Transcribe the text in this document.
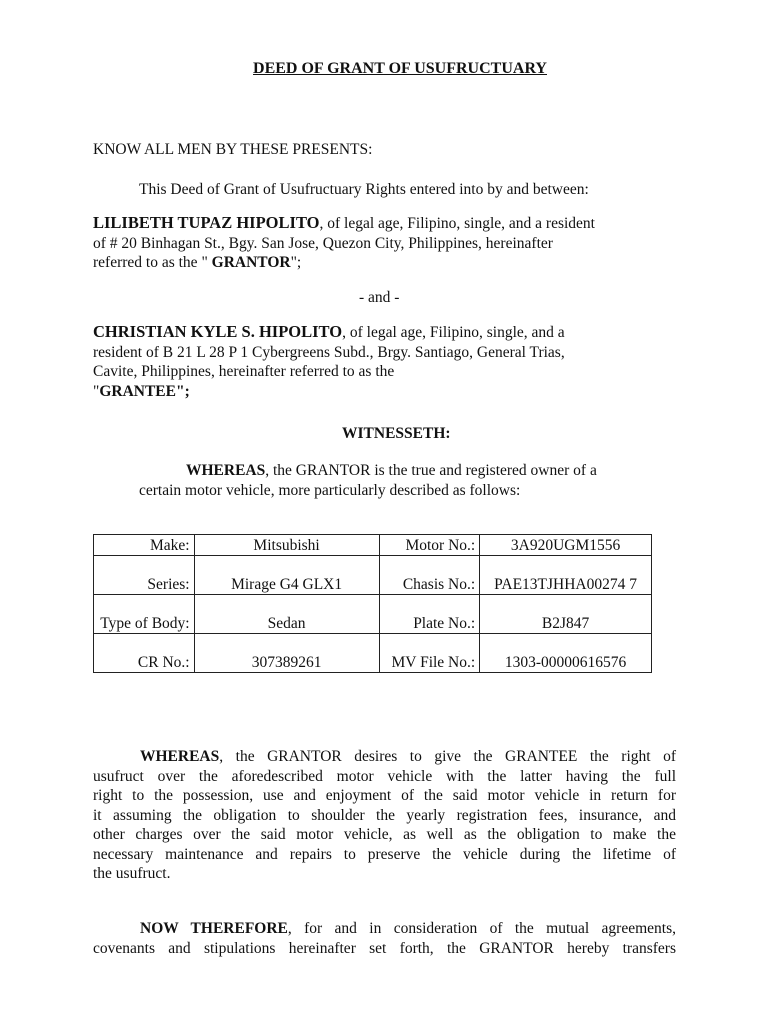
DEED OF GRANT OF USUFRUCTUARY
KNOW ALL MEN BY THESE PRESENTS:
This Deed of Grant of Usufructuary Rights entered into by and between:
LILIBETH TUPAZ HIPOLITO, of legal age, Filipino, single, and a resident
of # 20 Binhagan St., Bgy. San Jose, Quezon City, Philippines, hereinafter
referred to as the " GRANTOR";
- and -
CHRISTIAN KYLE S. HIPOLITO, of legal age, Filipino, single, and a
resident of B 21 L 28 P 1 Cybergreens Subd., Brgy. Santiago, General Trias,
Cavite, Philippines, hereinafter referred to as the
"GRANTEE";
WITNESSETH:
WHEREAS, the GRANTOR is the true and registered owner of a
certain motor vehicle, more particularly described as follows:
Make:	Mitsubishi	Motor No.:	3A920UGM1556
Series:	Mirage G4 GLX1	Chasis No.:	PAE13TJHHA00274 7
Type of Body:	Sedan	Plate No.:	B2J847
CR No.:	307389261	MV File No.:	1303-00000616576
WHEREAS, the GRANTOR desires to give the GRANTEE the right of
usufruct over the aforedescribed motor vehicle with the latter having the full
right to the possession, use and enjoyment of the said motor vehicle in return for
it assuming the obligation to shoulder the yearly registration fees, insurance, and
other charges over the said motor vehicle, as well as the obligation to make the
necessary maintenance and repairs to preserve the vehicle during the lifetime of
the usufruct.
NOW THEREFORE, for and in consideration of the mutual agreements,
covenants and stipulations hereinafter set forth, the GRANTOR hereby transfers
